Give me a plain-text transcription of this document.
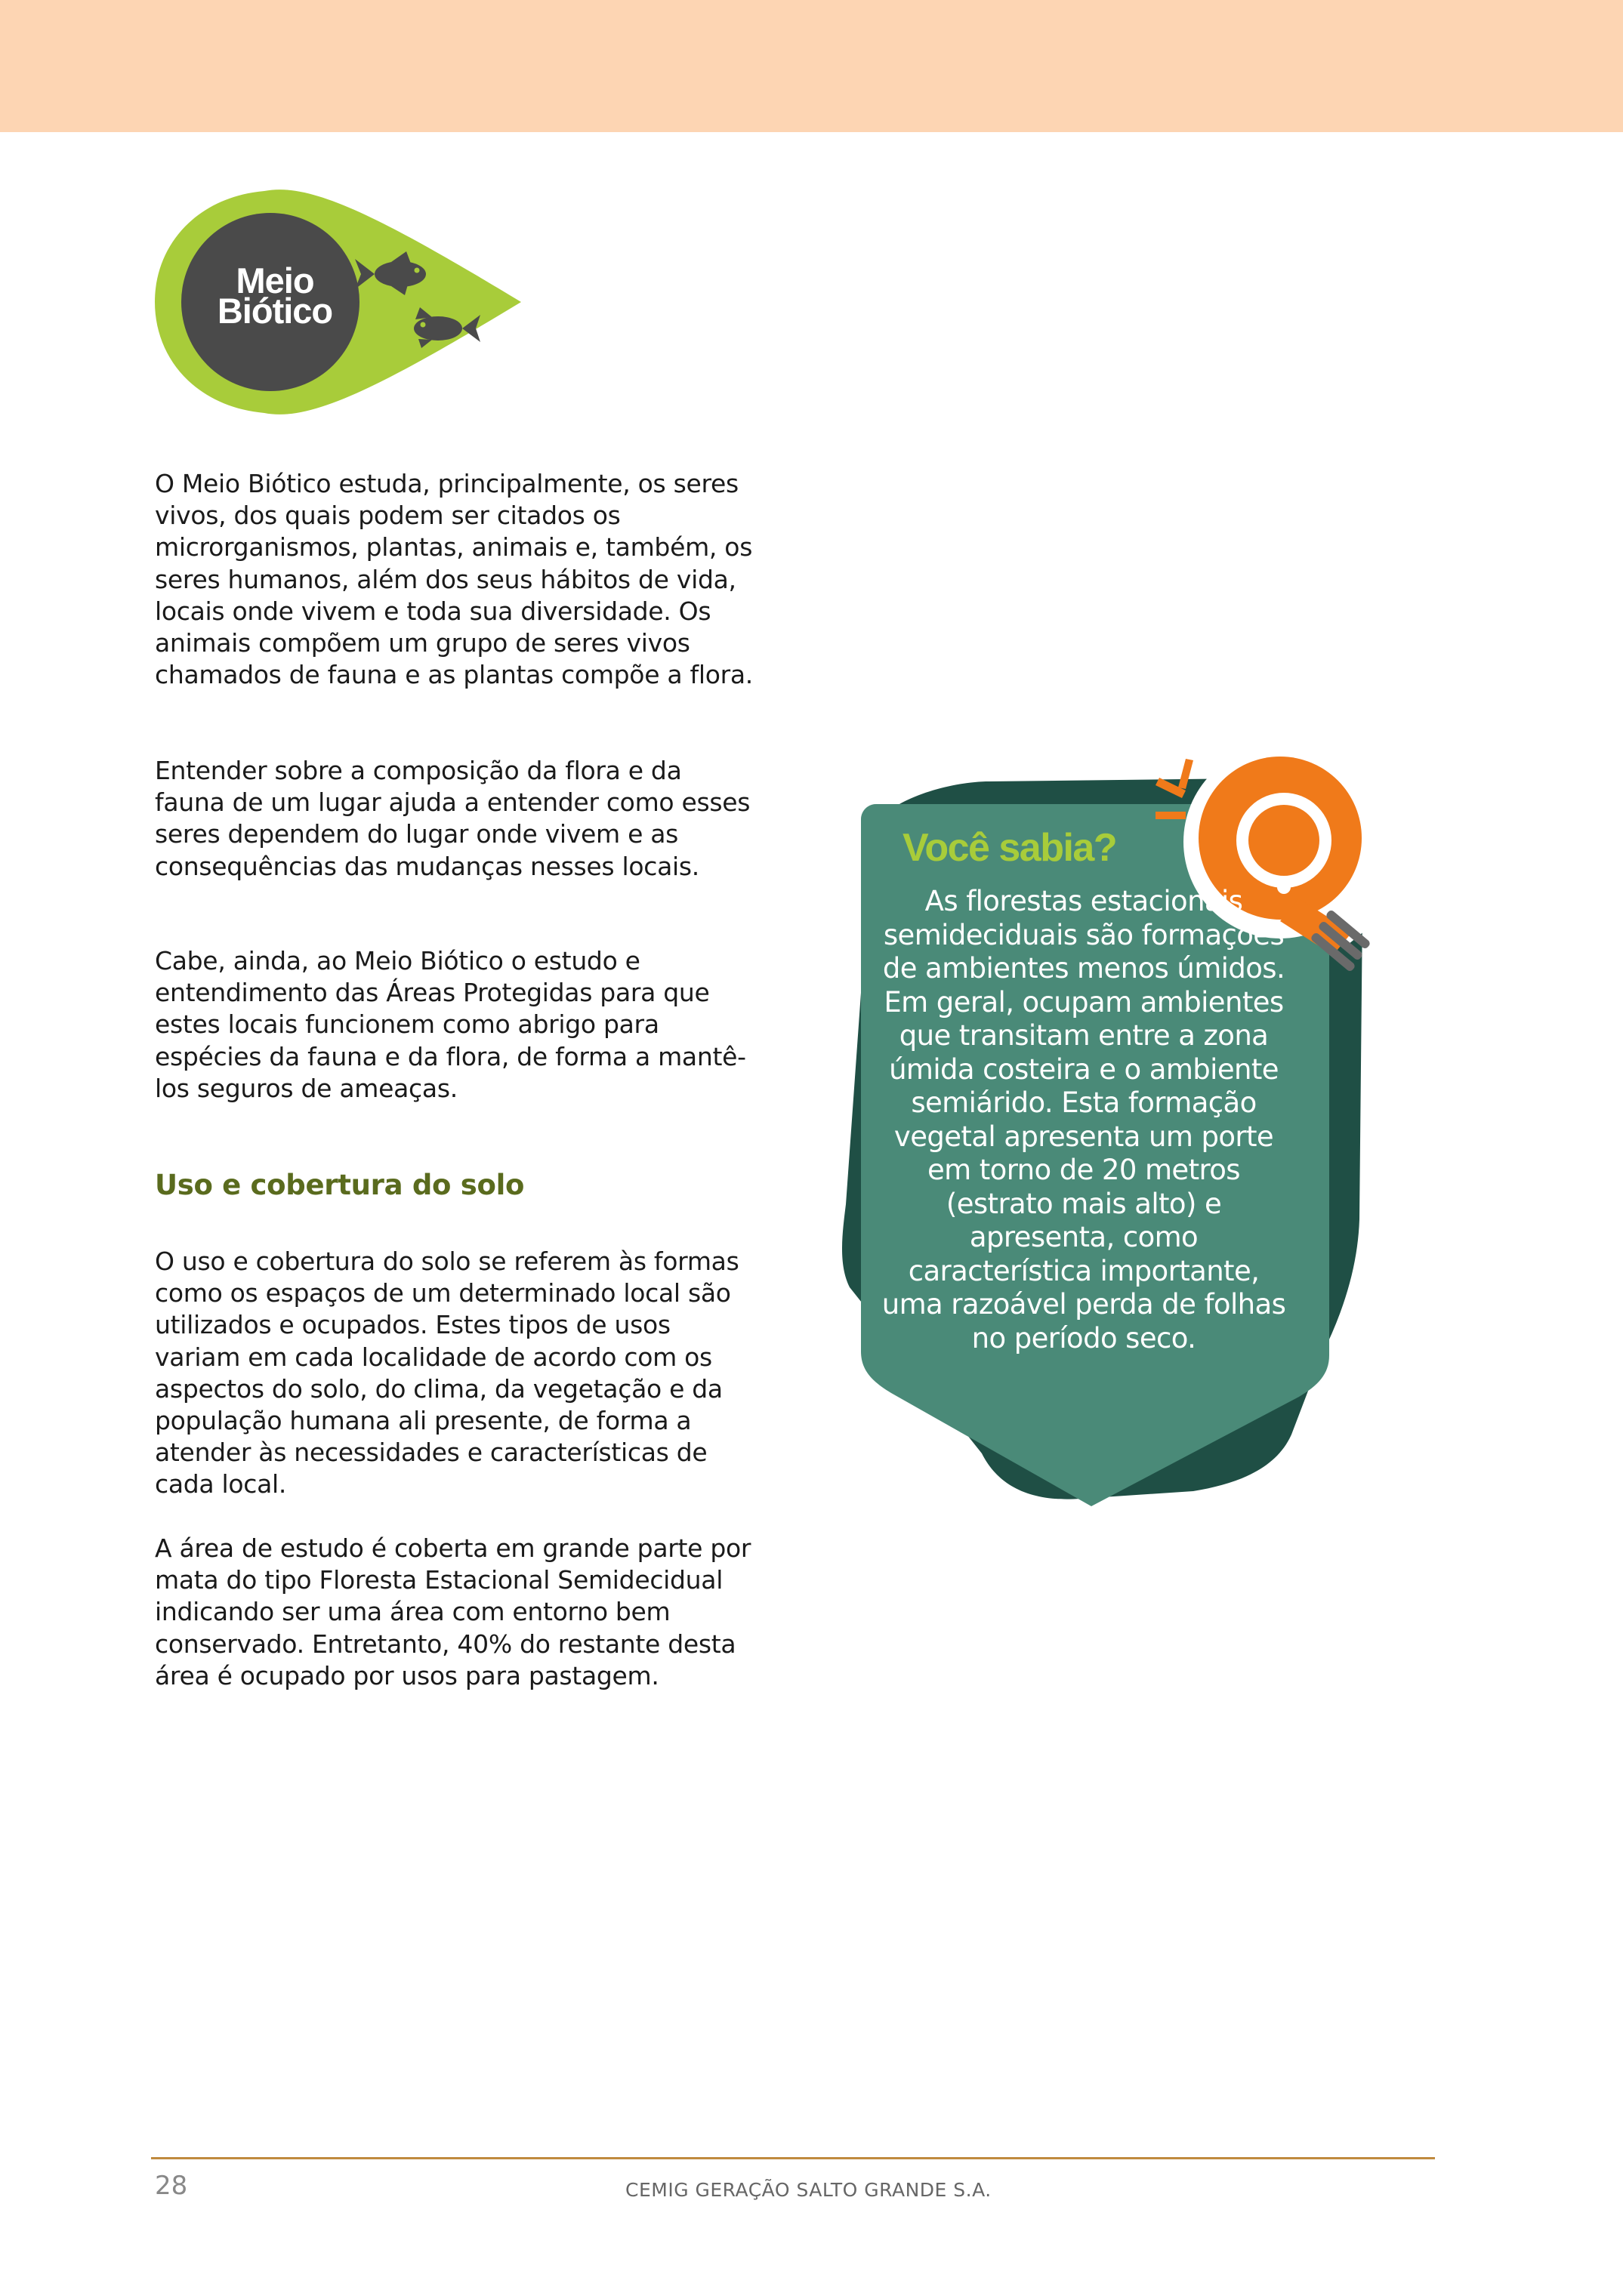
Meio
Biótico

O Meio Biótico estuda, principalmente, os seres vivos, dos quais podem ser citados os microrganismos, plantas, animais e, também, os seres humanos, além dos seus hábitos de vida, locais onde vivem e toda sua diversidade. Os animais compõem um grupo de seres vivos chamados de fauna e as plantas compõe a flora.

Entender sobre a composição da flora e da fauna de um lugar ajuda a entender como esses seres dependem do lugar onde vivem e as consequências das mudanças nesses locais.

Cabe, ainda, ao Meio Biótico o estudo e entendimento das Áreas Protegidas para que estes locais funcionem como abrigo para espécies da fauna e da flora, de forma a mantê-los seguros de ameaças.

Uso e cobertura do solo

O uso e cobertura do solo se referem às formas como os espaços de um determinado local são utilizados e ocupados. Estes tipos de usos variam em cada localidade de acordo com os aspectos do solo, do clima, da vegetação e da população humana ali presente, de forma a atender às necessidades e características de cada local.

A área de estudo é coberta em grande parte por mata do tipo Floresta Estacional Semidecidual indicando ser uma área com entorno bem conservado. Entretanto, 40% do restante desta área é ocupado por usos para pastagem.

Você sabia?

As florestas estacionais semideciduais são formações de ambientes menos úmidos. Em geral, ocupam ambientes que transitam entre a zona úmida costeira e o ambiente semiárido. Esta formação vegetal apresenta um porte em torno de 20 metros (estrato mais alto) e apresenta, como característica importante, uma razoável perda de folhas no período seco.

28	CEMIG GERAÇÃO SALTO GRANDE S.A.
